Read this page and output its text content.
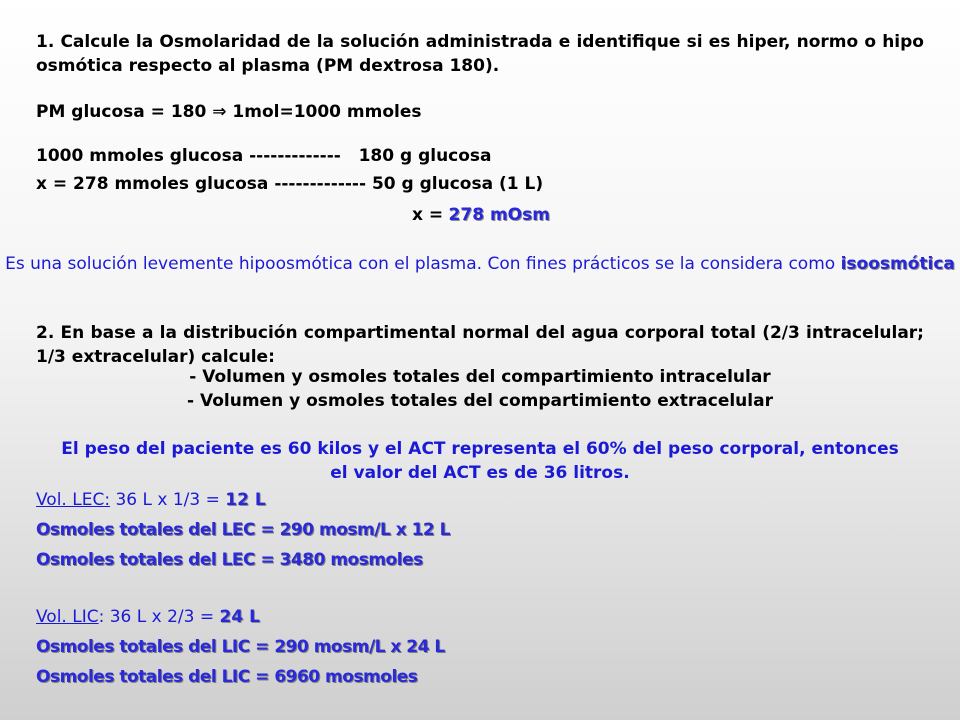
1. Calcule la Osmolaridad de la solución administrada e identifique si es hiper, normo o hipo osmótica respecto al plasma (PM dextrosa 180).
PM glucosa = 180 ⇒ 1mol=1000 mmoles
1000 mmoles glucosa -------------   180 g glucosa
x = 278 mmoles glucosa ------------- 50 g glucosa (1 L)
x = 278 mOsm
Es una solución levemente hipoosmótica con el plasma. Con fines prácticos se la considera como isoosmótica
2. En base a la distribución compartimental normal del agua corporal total (2/3 intracelular; 1/3 extracelular) calcule:
- Volumen y osmoles totales del compartimiento intracelular
- Volumen y osmoles totales del compartimiento extracelular
El peso del paciente es 60 kilos y el ACT representa el 60% del peso corporal, entonces el valor del ACT es de 36 litros.
Vol. LEC: 36 L x 1/3 = 12 L
Osmoles totales del LEC = 290 mosm/L x 12 L
Osmoles totales del LEC = 3480 mosmoles
Vol. LIC: 36 L x 2/3 = 24 L
Osmoles totales del LIC = 290 mosm/L x 24 L
Osmoles totales del LIC = 6960 mosmoles
